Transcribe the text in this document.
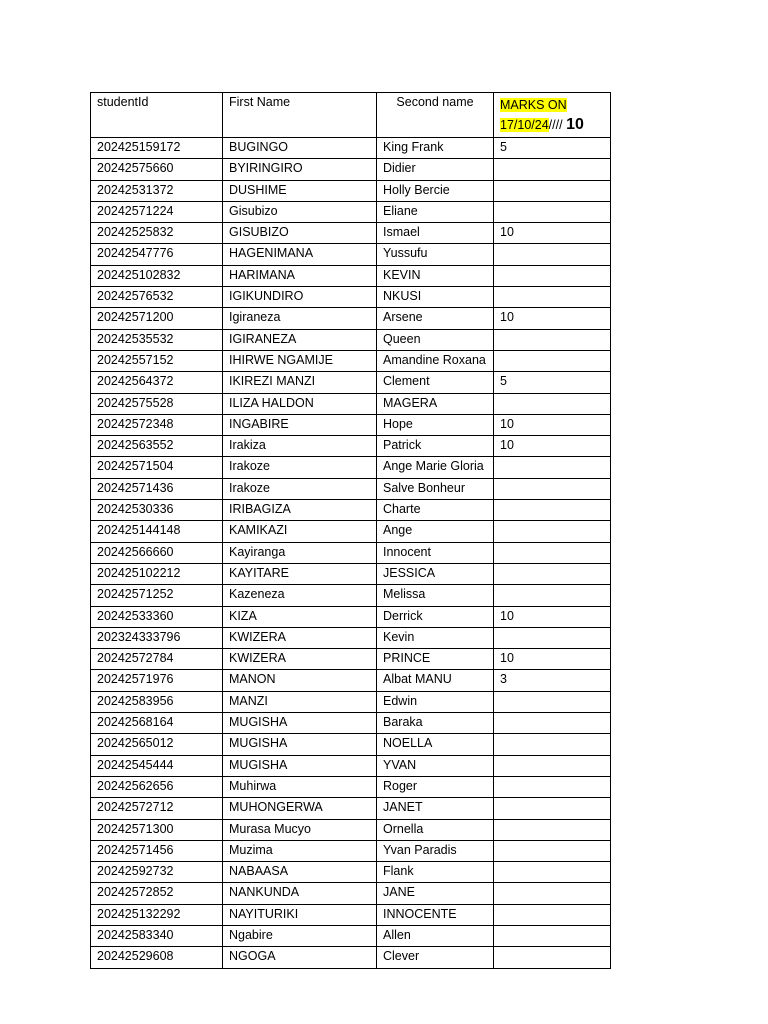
studentId	First Name	Second name	MARKS ON
17/10/24//// 10
202425159172	BUGINGO	King Frank	5
20242575660	BYIRINGIRO	Didier	
20242531372	DUSHIME	Holly Bercie	
20242571224	Gisubizo	Eliane	
20242525832	GISUBIZO	Ismael	10
20242547776	HAGENIMANA	Yussufu	
202425102832	HARIMANA	KEVIN	
20242576532	IGIKUNDIRO	NKUSI	
20242571200	Igiraneza	Arsene	10
20242535532	IGIRANEZA	Queen	
20242557152	IHIRWE NGAMIJE	Amandine Roxana	
20242564372	IKIREZI MANZI	Clement	5
20242575528	ILIZA HALDON	MAGERA	
20242572348	INGABIRE	Hope	10
20242563552	Irakiza	Patrick	10
20242571504	Irakoze	Ange Marie Gloria	
20242571436	Irakoze	Salve Bonheur	
20242530336	IRIBAGIZA	Charte	
202425144148	KAMIKAZI	Ange	
20242566660	Kayiranga	Innocent	
202425102212	KAYITARE	JESSICA	
20242571252	Kazeneza	Melissa	
20242533360	KIZA	Derrick	10
202324333796	KWIZERA	Kevin	
20242572784	KWIZERA	PRINCE	10
20242571976	MANON	Albat MANU	3
20242583956	MANZI	Edwin	
20242568164	MUGISHA	Baraka	
20242565012	MUGISHA	NOELLA	
20242545444	MUGISHA	YVAN	
20242562656	Muhirwa	Roger	
20242572712	MUHONGERWA	JANET	
20242571300	Murasa Mucyo	Ornella	
20242571456	Muzima	Yvan Paradis	
20242592732	NABAASA	Flank	
20242572852	NANKUNDA	JANE	
202425132292	NAYITURIKI	INNOCENTE	
20242583340	Ngabire	Allen	
20242529608	NGOGA	Clever	
